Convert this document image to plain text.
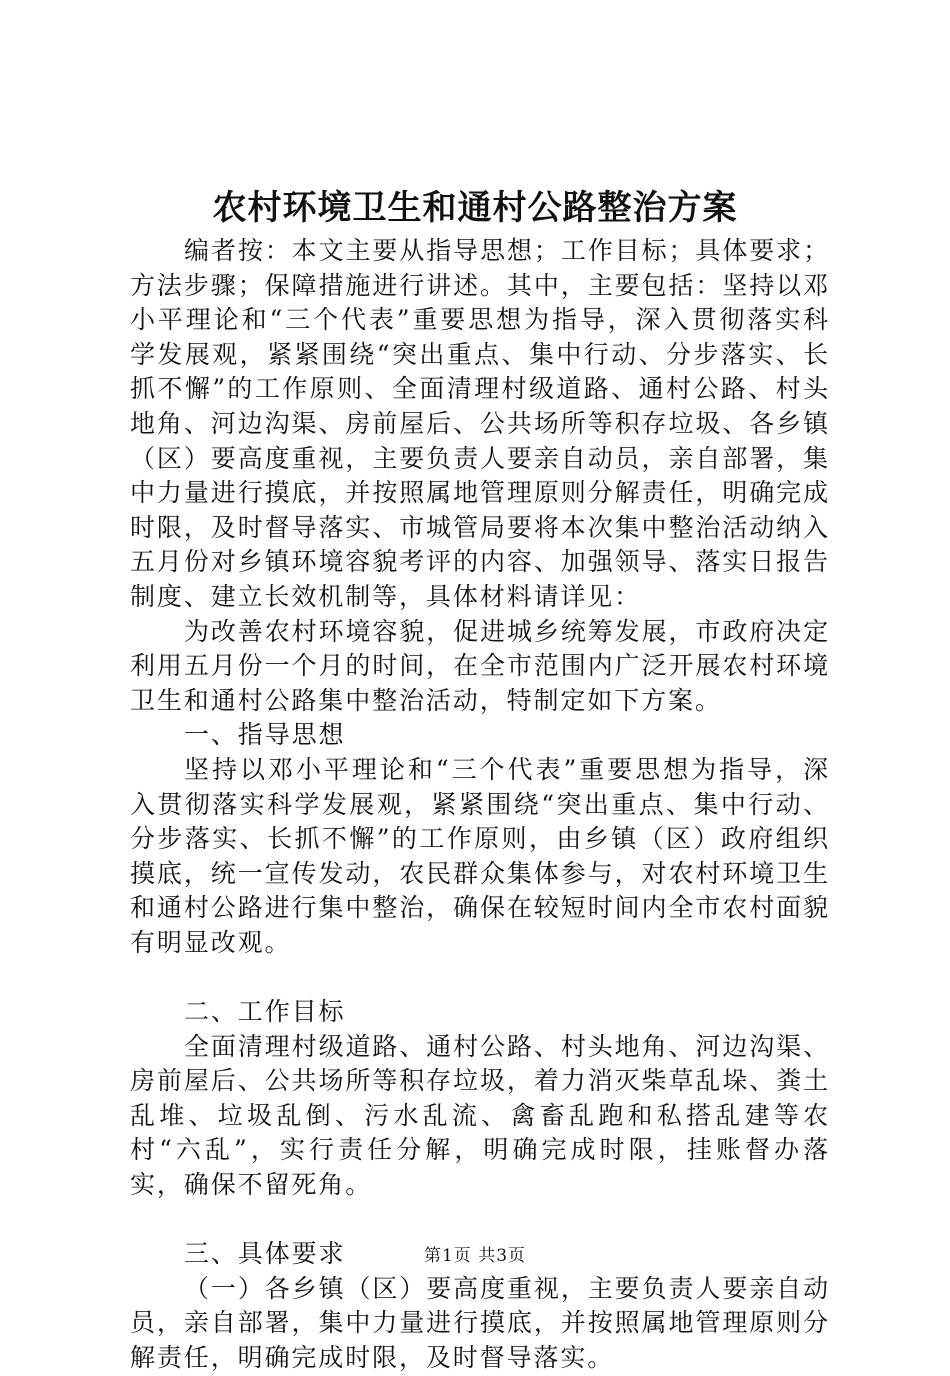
农村环境卫生和通村公路整治方案

编者按：本文主要从指导思想；工作目标；具体要求；方法步骤；保障措施进行讲述。其中，主要包括：坚持以邓小平理论和“三个代表”重要思想为指导，深入贯彻落实科学发展观，紧紧围绕“突出重点、集中行动、分步落实、长抓不懈”的工作原则、全面清理村级道路、通村公路、村头地角、河边沟渠、房前屋后、公共场所等积存垃圾、各乡镇（区）要高度重视，主要负责人要亲自动员，亲自部署，集中力量进行摸底，并按照属地管理原则分解责任，明确完成时限，及时督导落实、市城管局要将本次集中整治活动纳入五月份对乡镇环境容貌考评的内容、加强领导、落实日报告制度、建立长效机制等，具体材料请详见：

为改善农村环境容貌，促进城乡统筹发展，市政府决定利用五月份一个月的时间，在全市范围内广泛开展农村环境卫生和通村公路集中整治活动，特制定如下方案。

一、指导思想

坚持以邓小平理论和“三个代表”重要思想为指导，深入贯彻落实科学发展观，紧紧围绕“突出重点、集中行动、分步落实、长抓不懈”的工作原则，由乡镇（区）政府组织摸底，统一宣传发动，农民群众集体参与，对农村环境卫生和通村公路进行集中整治，确保在较短时间内全市农村面貌有明显改观。

二、工作目标

全面清理村级道路、通村公路、村头地角、河边沟渠、房前屋后、公共场所等积存垃圾，着力消灭柴草乱垛、粪土乱堆、垃圾乱倒、污水乱流、禽畜乱跑和私搭乱建等农村“六乱”，实行责任分解，明确完成时限，挂账督办落实，确保不留死角。

三、具体要求

（一）各乡镇（区）要高度重视，主要负责人要亲自动员，亲自部署，集中力量进行摸底，并按照属地管理原则分解责任，明确完成时限，及时督导落实。

第1页 共3页
